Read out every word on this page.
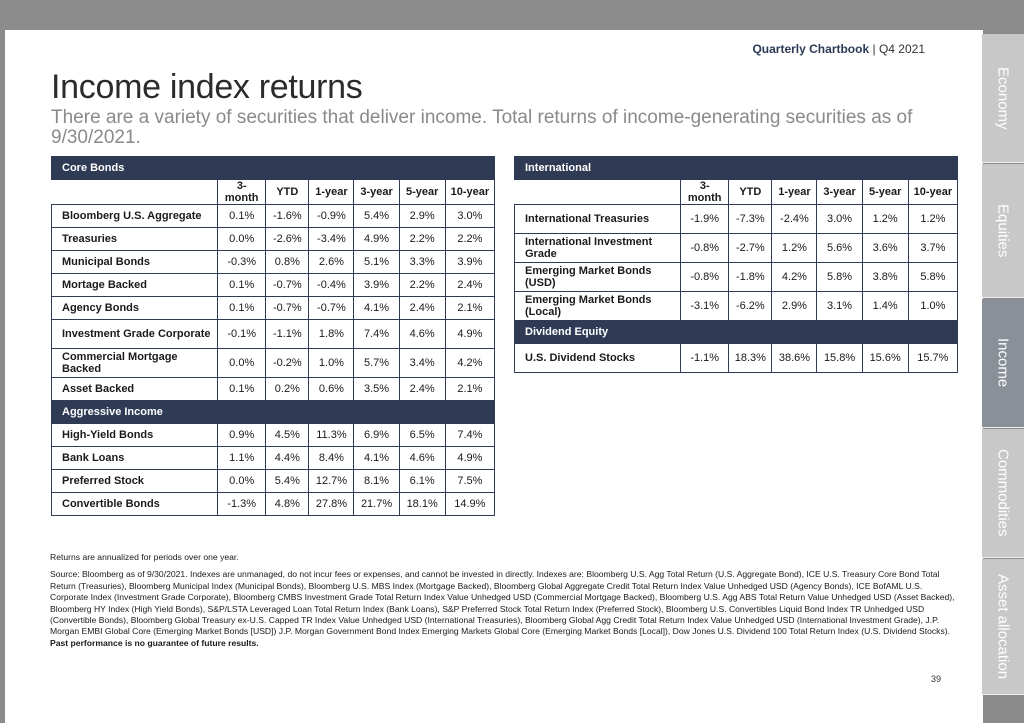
Quarterly Chartbook | Q4 2021
Income index returns
There are a variety of securities that deliver income. Total returns of income-generating securities as of 9/30/2021.
Core Bonds						
	3-month	YTD	1-year	3-year	5-year	10-year
Bloomberg U.S. Aggregate	0.1%	-1.6%	-0.9%	5.4%	2.9%	3.0%
Treasuries	0.0%	-2.6%	-3.4%	4.9%	2.2%	2.2%
Municipal Bonds	-0.3%	0.8%	2.6%	5.1%	3.3%	3.9%
Mortage Backed	0.1%	-0.7%	-0.4%	3.9%	2.2%	2.4%
Agency Bonds	0.1%	-0.7%	-0.7%	4.1%	2.4%	2.1%
Investment Grade Corporate	-0.1%	-1.1%	1.8%	7.4%	4.6%	4.9%
Commercial Mortgage Backed	0.0%	-0.2%	1.0%	5.7%	3.4%	4.2%
Asset Backed	0.1%	0.2%	0.6%	3.5%	2.4%	2.1%
Aggressive Income						
High-Yield Bonds	0.9%	4.5%	11.3%	6.9%	6.5%	7.4%
Bank Loans	1.1%	4.4%	8.4%	4.1%	4.6%	4.9%
Preferred Stock	0.0%	5.4%	12.7%	8.1%	6.1%	7.5%
Convertible Bonds	-1.3%	4.8%	27.8%	21.7%	18.1%	14.9%
International						
	3-month	YTD	1-year	3-year	5-year	10-year
International Treasuries	-1.9%	-7.3%	-2.4%	3.0%	1.2%	1.2%
International Investment Grade	-0.8%	-2.7%	1.2%	5.6%	3.6%	3.7%
Emerging Market Bonds (USD)	-0.8%	-1.8%	4.2%	5.8%	3.8%	5.8%
Emerging Market Bonds (Local)	-3.1%	-6.2%	2.9%	3.1%	1.4%	1.0%
Dividend Equity						
U.S. Dividend Stocks	-1.1%	18.3%	38.6%	15.8%	15.6%	15.7%
Returns are annualized for periods over one year.
Source: Bloomberg as of 9/30/2021. Indexes are unmanaged, do not incur fees or expenses, and cannot be invested in directly. Indexes are: Bloomberg U.S. Agg Total Return (U.S. Aggregate Bond), ICE U.S. Treasury Core Bond Total Return (Treasuries), Bloomberg Municipal Index (Municipal Bonds), Bloomberg U.S. MBS Index (Mortgage Backed), Bloomberg Global Aggregate Credit Total Return Index Value Unhedged USD (Agency Bonds), ICE BofAML U.S. Corporate Index (Investment Grade Corporate), Bloomberg CMBS Investment Grade Total Return Index Value Unhedged USD (Commercial Mortgage Backed), Bloomberg U.S. Agg ABS Total Return Value Unhedged USD (Asset Backed), Bloomberg HY Index (High Yield Bonds), S&P/LSTA Leveraged Loan Total Return Index (Bank Loans), S&P Preferred Stock Total Return Index (Preferred Stock), Bloomberg U.S. Convertibles Liquid Bond Index TR Unhedged USD (Convertible Bonds), Bloomberg Global Treasury ex-U.S. Capped TR Index Value Unhedged USD (International Treasuries), Bloomberg Global Agg Credit Total Return Index Value Unhedged USD (International Investment Grade), J.P. Morgan EMBI Global Core (Emerging Market Bonds [USD]) J.P. Morgan Government Bond Index Emerging Markets Global Core (Emerging Market Bonds [Local]), Dow Jones U.S. Dividend 100 Total Return Index (U.S. Dividend Stocks). Past performance is no guarantee of future results.
39
Economy
Equities
Income
Commodities
Asset allocation
